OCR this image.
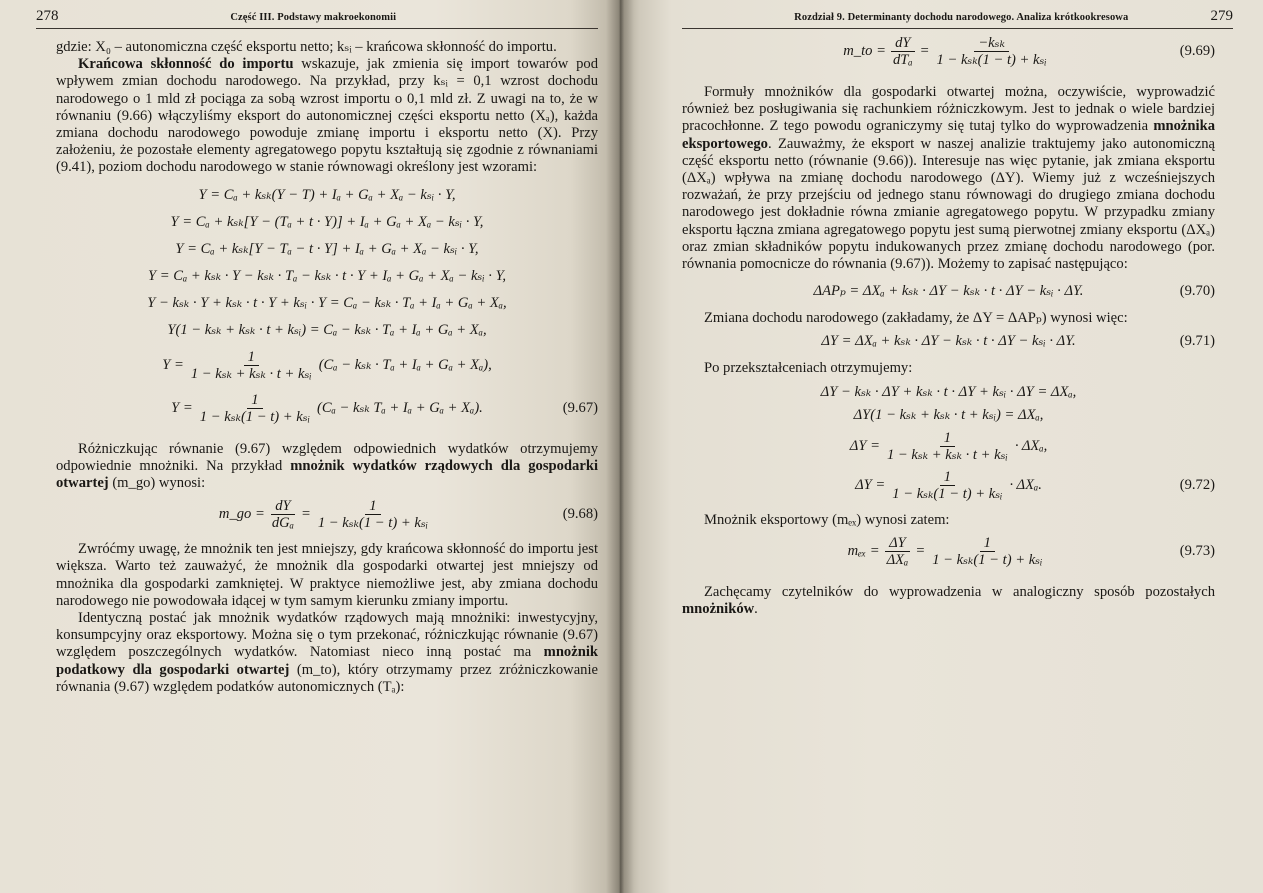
278	Część III. Podstawy makroekonomii

gdzie: X₀ – autonomiczna część eksportu netto; kₛᵢ – krańcowa skłonność do importu.

Krańcowa skłonność do importu wskazuje, jak zmienia się import towarów pod wpływem zmian dochodu narodowego. Na przykład, przy kₛᵢ = 0,1 wzrost dochodu narodowego o 1 mld zł pociąga za sobą wzrost importu o 0,1 mld zł. Z uwagi na to, że w równaniu (9.66) włączyliśmy eksport do autonomicznej części eksportu netto (Xₐ), każda zmiana dochodu narodowego powoduje zmianę importu i eksportu netto (X). Przy założeniu, że pozostałe elementy agregatowego popytu kształtują się zgodnie z równaniami (9.41), poziom dochodu narodowego w stanie równowagi określony jest wzorami:

Y = Cₐ + kₛₖ(Y − T) + Iₐ + Gₐ + Xₐ − kₛᵢ · Y,
Y = Cₐ + kₛₖ[Y − (Tₐ + t · Y)] + Iₐ + Gₐ + Xₐ − kₛᵢ · Y,
Y = Cₐ + kₛₖ[Y − Tₐ − t · Y] + Iₐ + Gₐ + Xₐ − kₛᵢ · Y,
Y = Cₐ + kₛₖ · Y − kₛₖ · Tₐ − kₛₖ · t · Y + Iₐ + Gₐ + Xₐ − kₛᵢ · Y,
Y − kₛₖ · Y + kₛₖ · t · Y + kₛᵢ · Y = Cₐ − kₛₖ · Tₐ + Iₐ + Gₐ + Xₐ,
Y(1 − kₛₖ + kₛₖ · t + kₛᵢ) = Cₐ − kₛₖ · Tₐ + Iₐ + Gₐ + Xₐ,
$Y = \frac{1}{\text{1 − kₛₖ + kₛₖ · t + kₛᵢ}} (C_a - k_{sk} \cdot T_a + I_a + G_a + X_a)$,
$Y = \frac{1}{\text{1 − kₛₖ(1 − t) + kₛᵢ}} (C_a - k_{sk}$ Tₐ + Iₐ + Gₐ + Xₐ).	(9.67)

Różniczkując równanie (9.67) względem odpowiednich wydatków otrzymujemy odpowiednie mnożniki. Na przykład mnożnik wydatków rządowych dla gospodarki otwartej (m_go) wynosi:

m_go = $\frac{dY}{\text{dGₐ}} = \frac{1}{\text{1 − kₛₖ(1 − t) + kₛᵢ}}$	(9.68)

Zwróćmy uwagę, że mnożnik ten jest mniejszy, gdy krańcowa skłonność do importu jest większa. Warto też zauważyć, że mnożnik dla gospodarki otwartej jest mniejszy od mnożnika dla gospodarki zamkniętej. W praktyce niemożliwe jest, aby zmiana dochodu narodowego nie powodowała idącej w tym samym kierunku zmiany importu.

Identyczną postać jak mnożnik wydatków rządowych mają mnożniki: inwestycyjny, konsumpcyjny oraz eksportowy. Można się o tym przekonać, różniczkując równanie (9.67) względem poszczególnych wydatków. Natomiast nieco inną postać ma mnożnik podatkowy dla gospodarki otwartej (m_to), który otrzymamy przez zróżniczkowanie równania (9.67) względem podatków autonomicznych (Tₐ):

Rozdział 9. Determinanty dochodu narodowego. Analiza krótkookresowa	279
m_to = $\frac{dY}{\text{dTₐ}} = \frac{\text{−kₛₖ}}{\text{1 − kₛₖ(1 − t) + kₛᵢ}}$	(9.69)

Formuły mnożników dla gospodarki otwartej można, oczywiście, wyprowadzić również bez posługiwania się rachunkiem różniczkowym. Jest to jednak o wiele bardziej pracochłonne. Z tego powodu ograniczymy się tutaj tylko do wyprowadzenia mnożnika eksportowego. Zauważmy, że eksport w naszej analizie traktujemy jako autonomiczną część eksportu netto (równanie (9.66)). Interesuje nas więc pytanie, jak zmiana eksportu (ΔXₐ) wpływa na zmianę dochodu narodowego (ΔY). Wiemy już z wcześniejszych rozważań, że przy przejściu od jednego stanu równowagi do drugiego zmiana dochodu narodowego jest dokładnie równa zmianie agregatowego popytu. W przypadku zmiany eksportu łączna zmiana agregatowego popytu jest sumą pierwotnej zmiany eksportu (ΔXₐ) oraz zmian składników popytu indukowanych przez zmianę dochodu narodowego (por. równania pomocnicze do równania (9.67)). Możemy to zapisać następująco:

ΔAPₚ = ΔXₐ + kₛₖ · ΔY − kₛₖ · t · ΔY − kₛᵢ · ΔY.	(9.70)

Zmiana dochodu narodowego (zakładamy, że ΔY = ΔAPₚ) wynosi więc:

ΔY = ΔXₐ + kₛₖ · ΔY − kₛₖ · t · ΔY − kₛᵢ · ΔY.	(9.71)

Po przekształceniach otrzymujemy:

ΔY − kₛₖ · ΔY + kₛₖ · t · ΔY + kₛᵢ · ΔY = ΔXₐ,
ΔY(1 − kₛₖ + kₛₖ · t + kₛᵢ) = ΔXₐ,
$\Delta Y = \frac{1}{\text{1 − kₛₖ + kₛₖ · t + kₛᵢ}} \cdot \Delta X_a$,
$\Delta Y = \frac{1}{\text{1 − kₛₖ(1 − t) + kₛᵢ}} \cdot \Delta X_a$.	(9.72)

Mnożnik eksportowy (mₑₓ) wynosi zatem:

$m_{ex} = \frac{\Delta Y}{\text{ΔXₐ}} = \frac{1}{\text{1 − kₛₖ(1 − t) + kₛᵢ}}$	(9.73)

Zachęcamy czytelników do wyprowadzenia w analogiczny sposób pozostałych mnożników.
